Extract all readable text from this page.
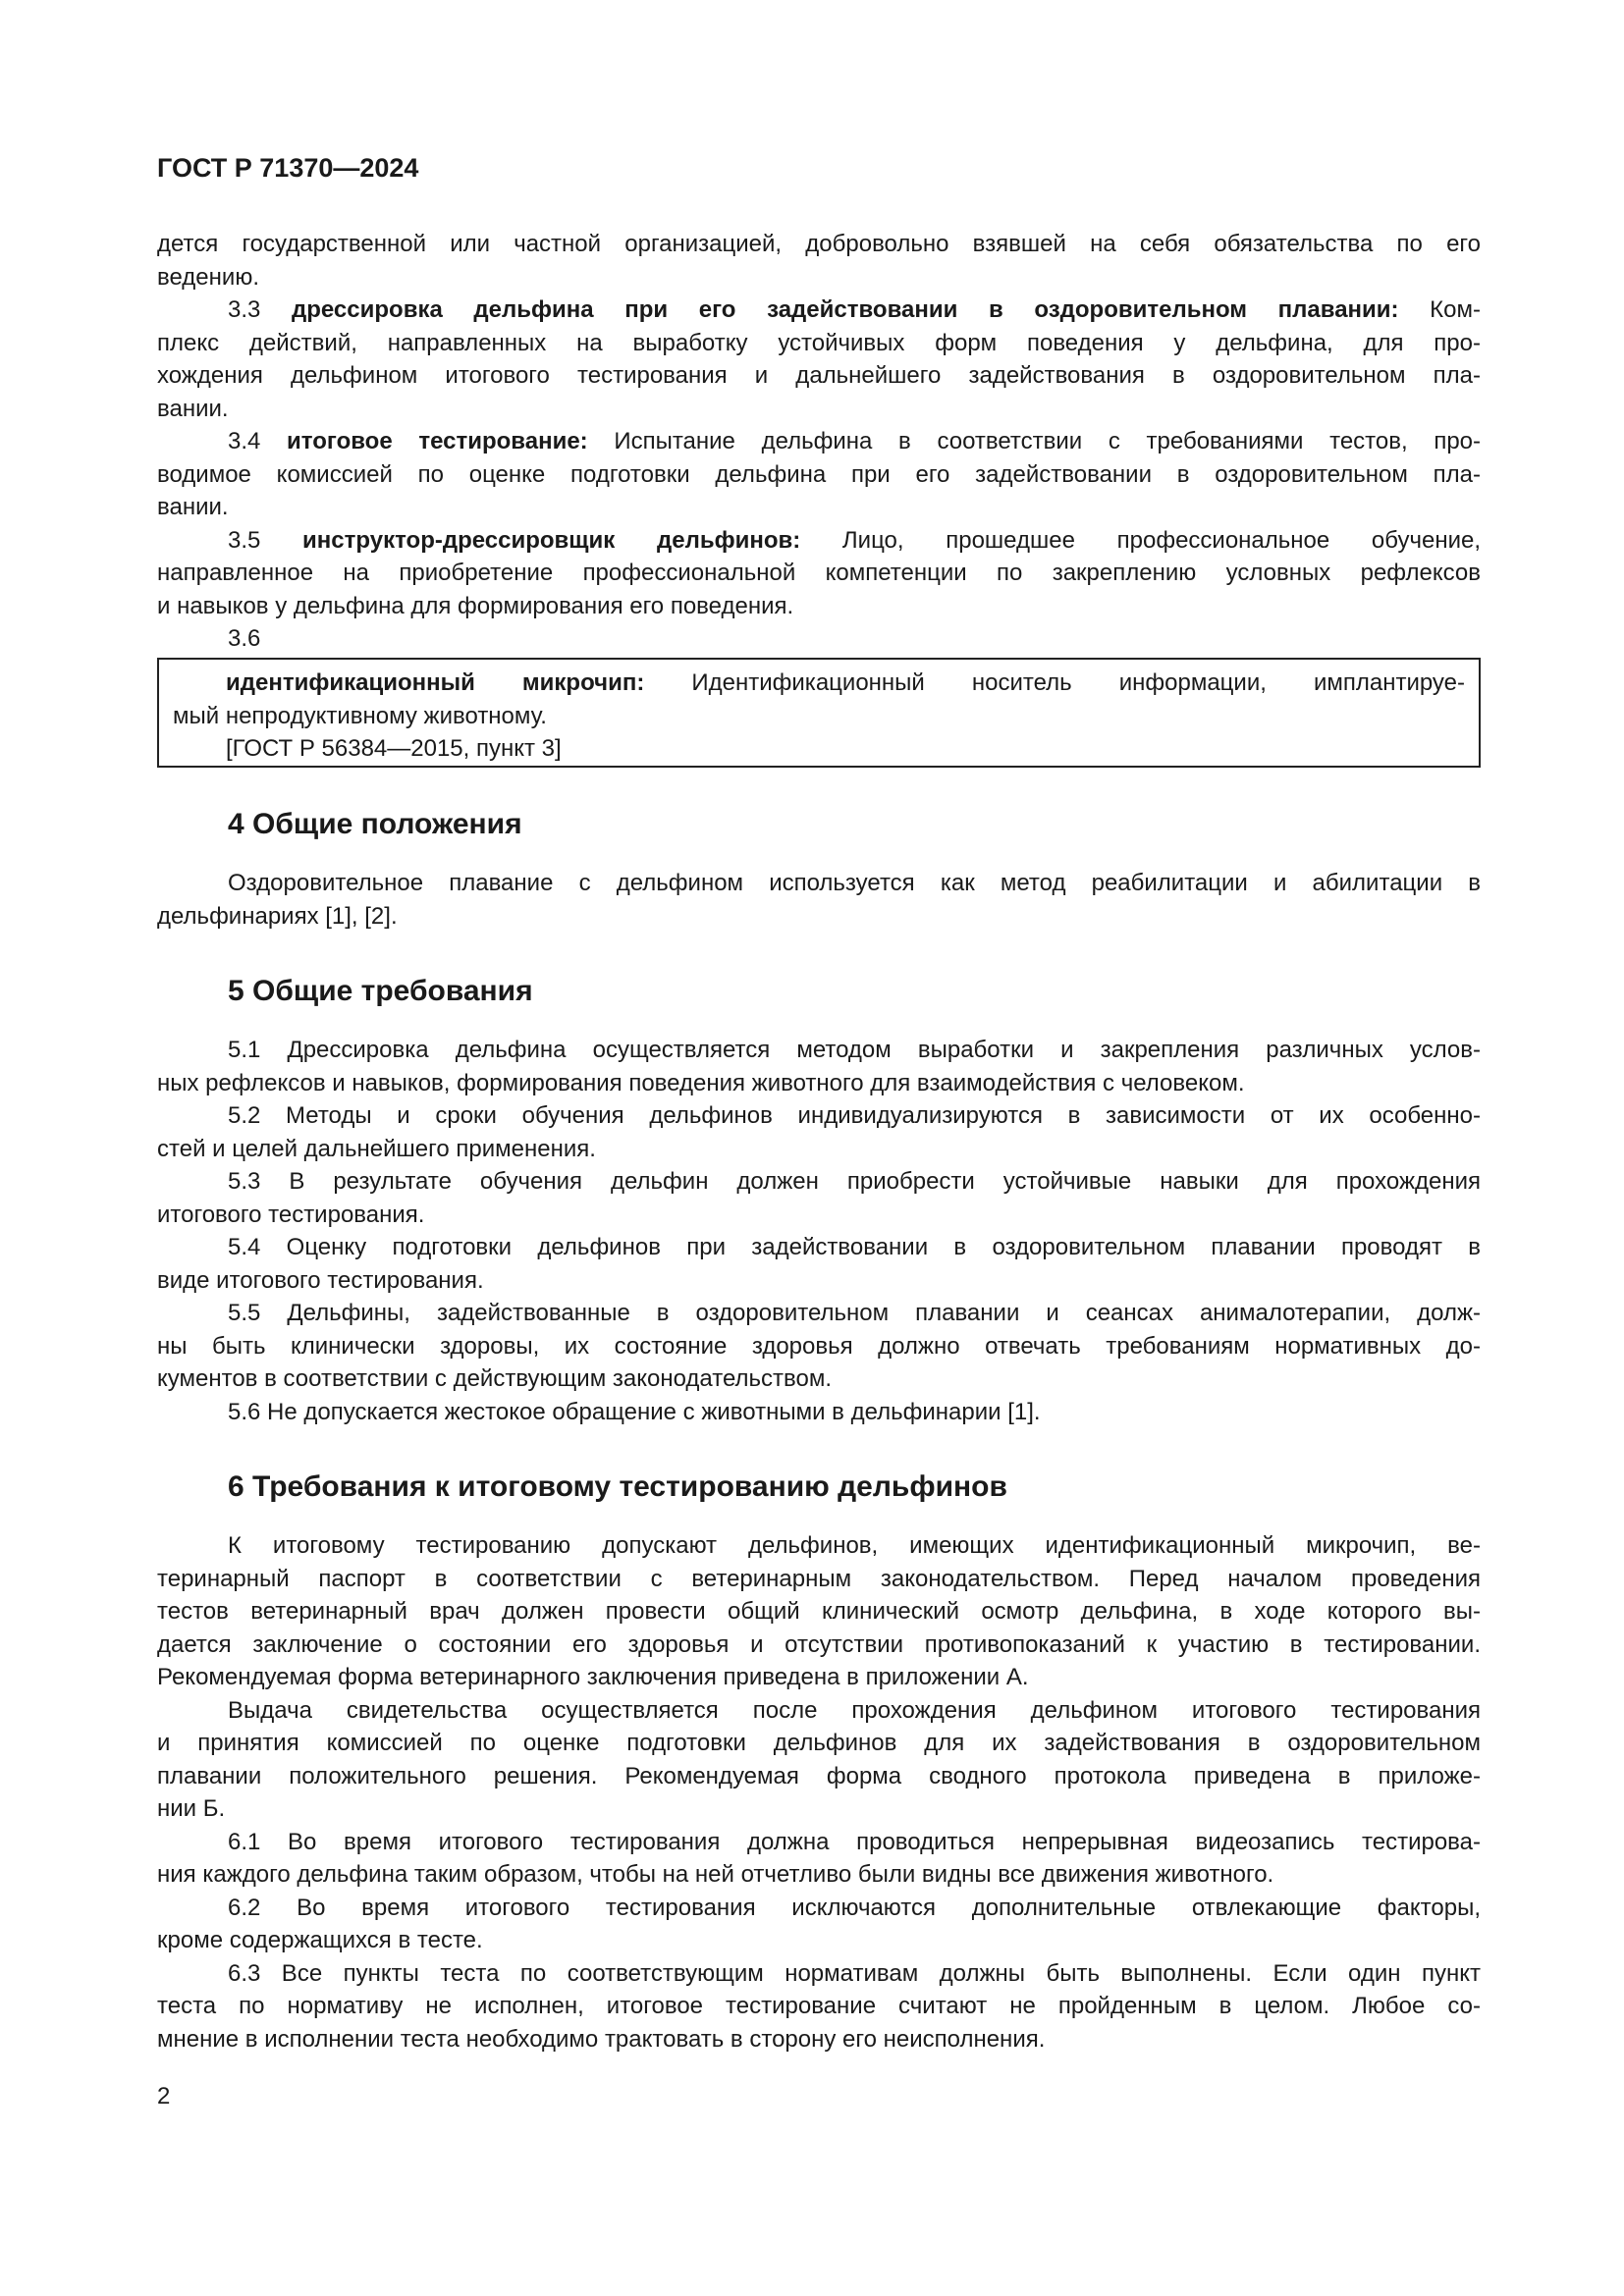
ГОСТ Р 71370—2024
дется государственной или частной организацией, добровольно взявшей на себя обязательства по его
ведению.
3.3 дрессировка дельфина при его задействовании в оздоровительном плавании: Ком-
плекс действий, направленных на выработку устойчивых форм поведения у дельфина, для про-
хождения дельфином итогового тестирования и дальнейшего задействования в оздоровительном пла-
вании.
3.4 итоговое тестирование: Испытание дельфина в соответствии с требованиями тестов, про-
водимое комиссией по оценке подготовки дельфина при его задействовании в оздоровительном пла-
вании.
3.5 инструктор-дрессировщик дельфинов: Лицо, прошедшее профессиональное обучение,
направленное на приобретение профессиональной компетенции по закреплению условных рефлексов
и навыков у дельфина для формирования его поведения.
3.6
идентификационный микрочип: Идентификационный носитель информации, имплантируе-
мый непродуктивному животному.
[ГОСТ Р 56384—2015, пункт 3]
4 Общие положения
Оздоровительное плавание с дельфином используется как метод реабилитации и абилитации в
дельфинариях [1], [2].
5 Общие требования
5.1 Дрессировка дельфина осуществляется методом выработки и закрепления различных услов-
ных рефлексов и навыков, формирования поведения животного для взаимодействия с человеком.
5.2 Методы и сроки обучения дельфинов индивидуализируются в зависимости от их особенно-
стей и целей дальнейшего применения.
5.3 В результате обучения дельфин должен приобрести устойчивые навыки для прохождения
итогового тестирования.
5.4 Оценку подготовки дельфинов при задействовании в оздоровительном плавании проводят в
виде итогового тестирования.
5.5 Дельфины, задействованные в оздоровительном плавании и сеансах анималотерапии, долж-
ны быть клинически здоровы, их состояние здоровья должно отвечать требованиям нормативных до-
кументов в соответствии с действующим законодательством.
5.6 Не допускается жестокое обращение с животными в дельфинарии [1].
6 Требования к итоговому тестированию дельфинов
К итоговому тестированию допускают дельфинов, имеющих идентификационный микрочип, ве-
теринарный паспорт в соответствии с ветеринарным законодательством. Перед началом проведения
тестов ветеринарный врач должен провести общий клинический осмотр дельфина, в ходе которого вы-
дается заключение о состоянии его здоровья и отсутствии противопоказаний к участию в тестировании.
Рекомендуемая форма ветеринарного заключения приведена в приложении А.
Выдача свидетельства осуществляется после прохождения дельфином итогового тестирования
и принятия комиссией по оценке подготовки дельфинов для их задействования в оздоровительном
плавании положительного решения. Рекомендуемая форма сводного протокола приведена в приложе-
нии Б.
6.1 Во время итогового тестирования должна проводиться непрерывная видеозапись тестирова-
ния каждого дельфина таким образом, чтобы на ней отчетливо были видны все движения животного.
6.2 Во время итогового тестирования исключаются дополнительные отвлекающие факторы,
кроме содержащихся в тесте.
6.3 Все пункты теста по соответствующим нормативам должны быть выполнены. Если один пункт
теста по нормативу не исполнен, итоговое тестирование считают не пройденным в целом. Любое со-
мнение в исполнении теста необходимо трактовать в сторону его неисполнения.
2
